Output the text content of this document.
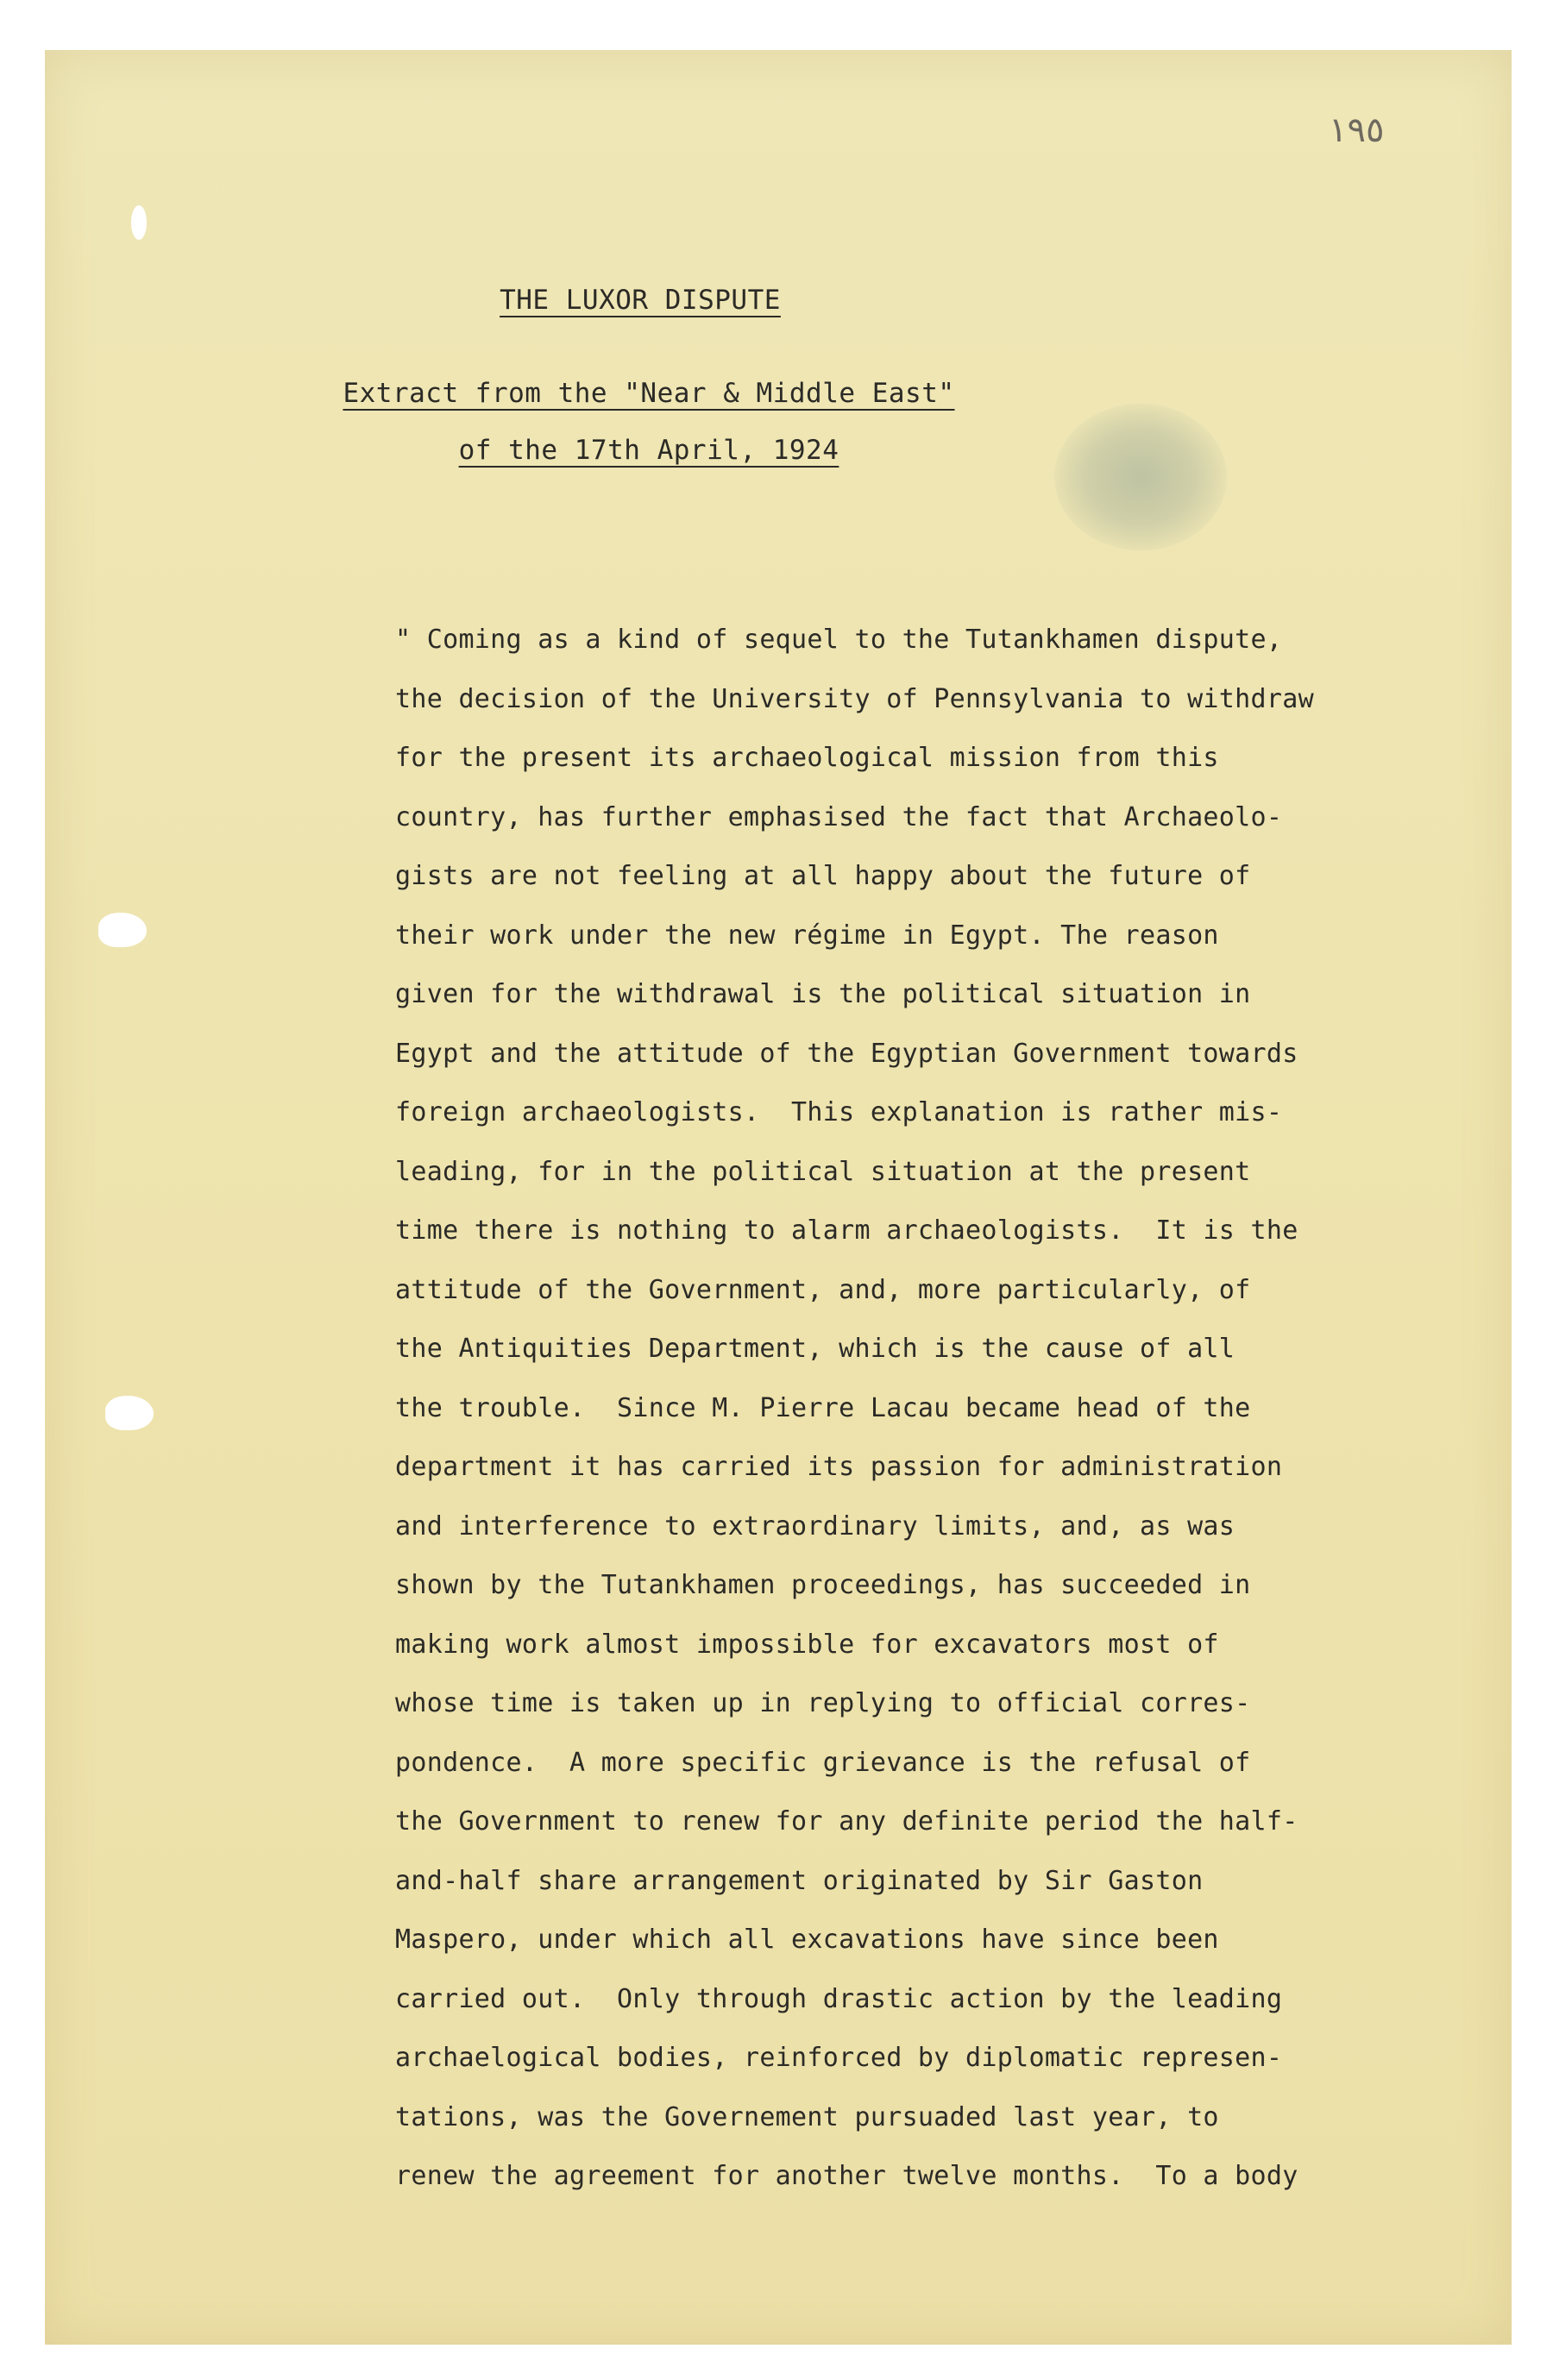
١٩٥
THE LUXOR DISPUTE
Extract from the "Near & Middle East"
of the 17th April, 1924
" Coming as a kind of sequel to the Tutankhamen dispute,
the decision of the University of Pennsylvania to withdraw
for the present its archaeological mission from this
country, has further emphasised the fact that Archaeolo-
gists are not feeling at all happy about the future of
their work under the new régime in Egypt. The reason
given for the withdrawal is the political situation in
Egypt and the attitude of the Egyptian Government towards
foreign archaeologists.  This explanation is rather mis-
leading, for in the political situation at the present
time there is nothing to alarm archaeologists.  It is the
attitude of the Government, and, more particularly, of
the Antiquities Department, which is the cause of all
the trouble.  Since M. Pierre Lacau became head of the
department it has carried its passion for administration
and interference to extraordinary limits, and, as was
shown by the Tutankhamen proceedings, has succeeded in
making work almost impossible for excavators most of
whose time is taken up in replying to official corres-
pondence.  A more specific grievance is the refusal of
the Government to renew for any definite period the half-
and-half share arrangement originated by Sir Gaston
Maspero, under which all excavations have since been
carried out.  Only through drastic action by the leading
archaelogical bodies, reinforced by diplomatic represen-
tations, was the Governement pursuaded last year, to
renew the agreement for another twelve months.  To a body
